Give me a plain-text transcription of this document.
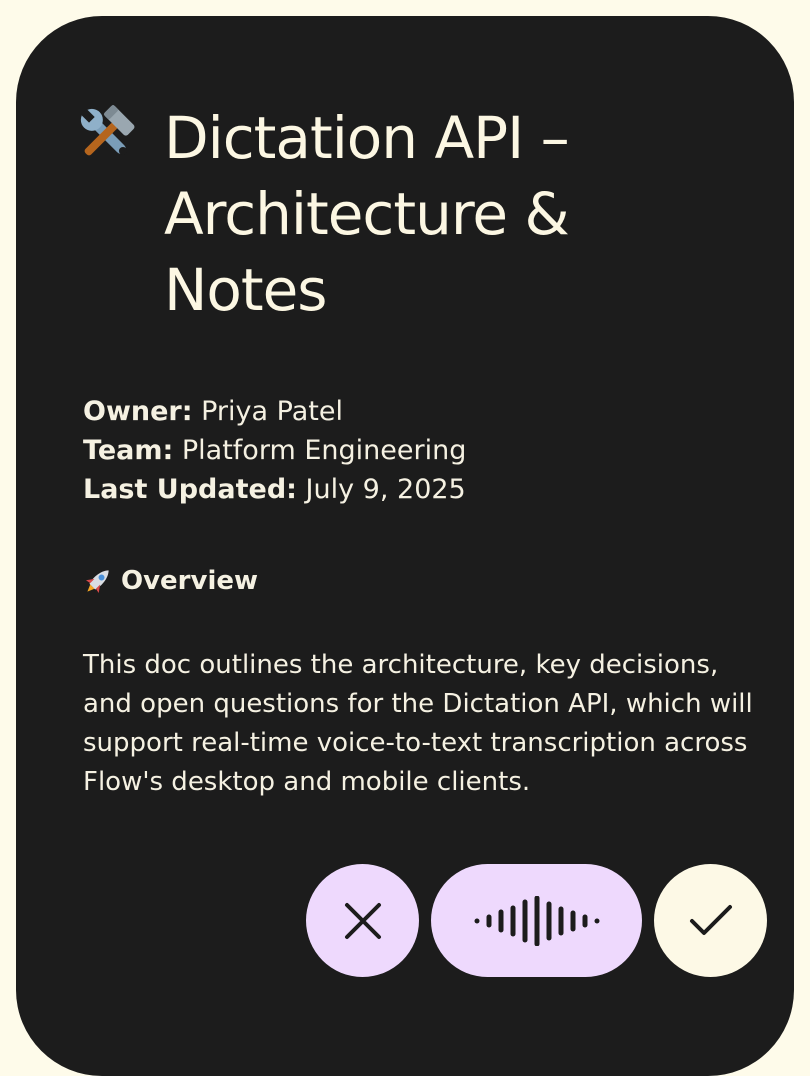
Dictation API – Architecture & Notes
Owner: Priya Patel
Team: Platform Engineering
Last Updated: July 9, 2025
Overview
This doc outlines the architecture, key decisions, and open questions for the Dictation API, which will support real-time voice-to-text transcription across Flow's desktop and mobile clients.
